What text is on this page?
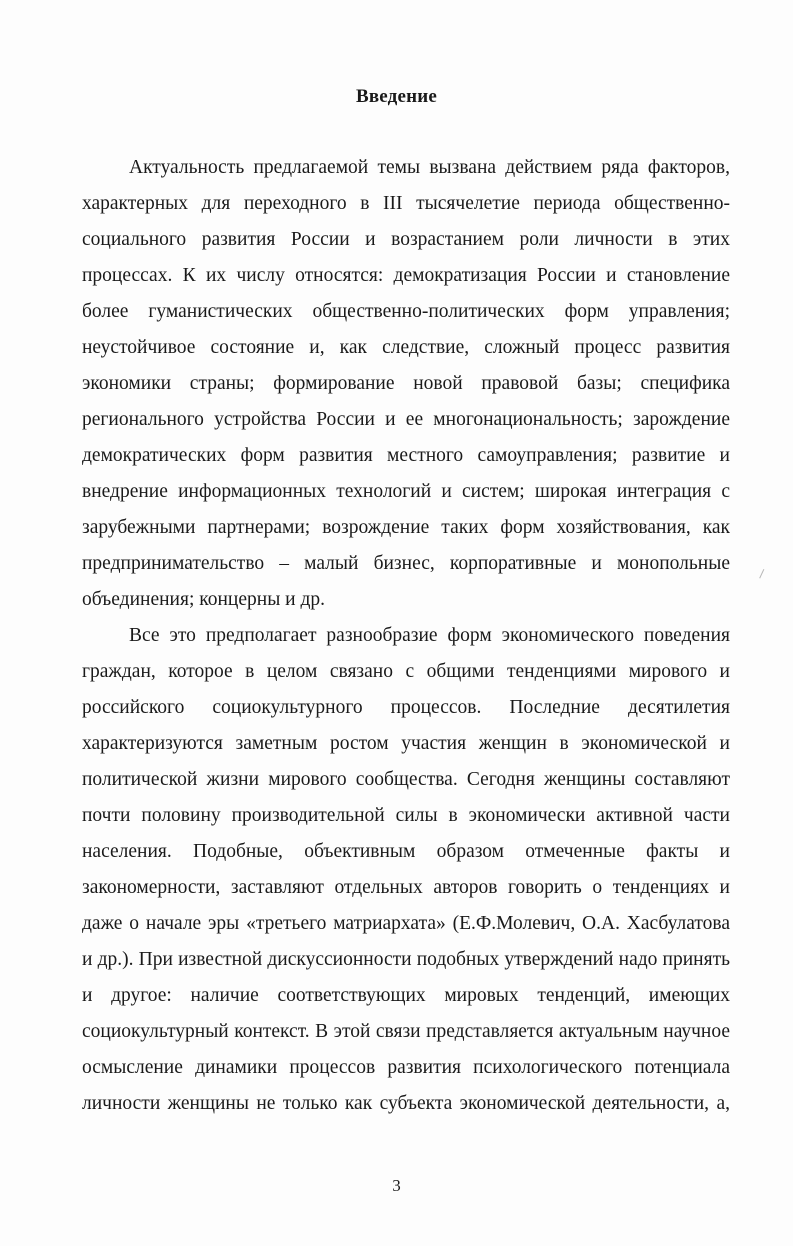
Введение
Актуальность предлагаемой темы вызвана действием ряда факторов,
характерных для переходного в III тысячелетие периода общественно-
социального развития России и возрастанием роли личности в этих
процессах. К их числу относятся: демократизация России и становление
более гуманистических общественно-политических форм управления;
неустойчивое состояние и, как следствие, сложный процесс развития
экономики страны; формирование новой правовой базы; специфика
регионального устройства России и ее многонациональность; зарождение
демократических форм развития местного самоуправления; развитие и
внедрение информационных технологий и систем; широкая интеграция с
зарубежными партнерами; возрождение таких форм хозяйствования, как
предпринимательство – малый бизнес, корпоративные и монопольные
объединения; концерны и др.
Все это предполагает разнообразие форм экономического поведения
граждан, которое в целом связано с общими тенденциями мирового и
российского социокультурного процессов. Последние десятилетия
характеризуются заметным ростом участия женщин в экономической и
политической жизни мирового сообщества. Сегодня женщины составляют
почти половину производительной силы в экономически активной части
населения. Подобные, объективным образом отмеченные факты и
закономерности, заставляют отдельных авторов говорить о тенденциях и
даже о начале эры «третьего матриархата» (Е.Ф.Молевич, О.А. Хасбулатова
и др.). При известной дискуссионности подобных утверждений надо принять
и другое: наличие соответствующих мировых тенденций, имеющих
социокультурный контекст. В этой связи представляется актуальным научное
осмысление динамики процессов развития психологического потенциала
личности женщины не только как субъекта экономической деятельности, а,
3
